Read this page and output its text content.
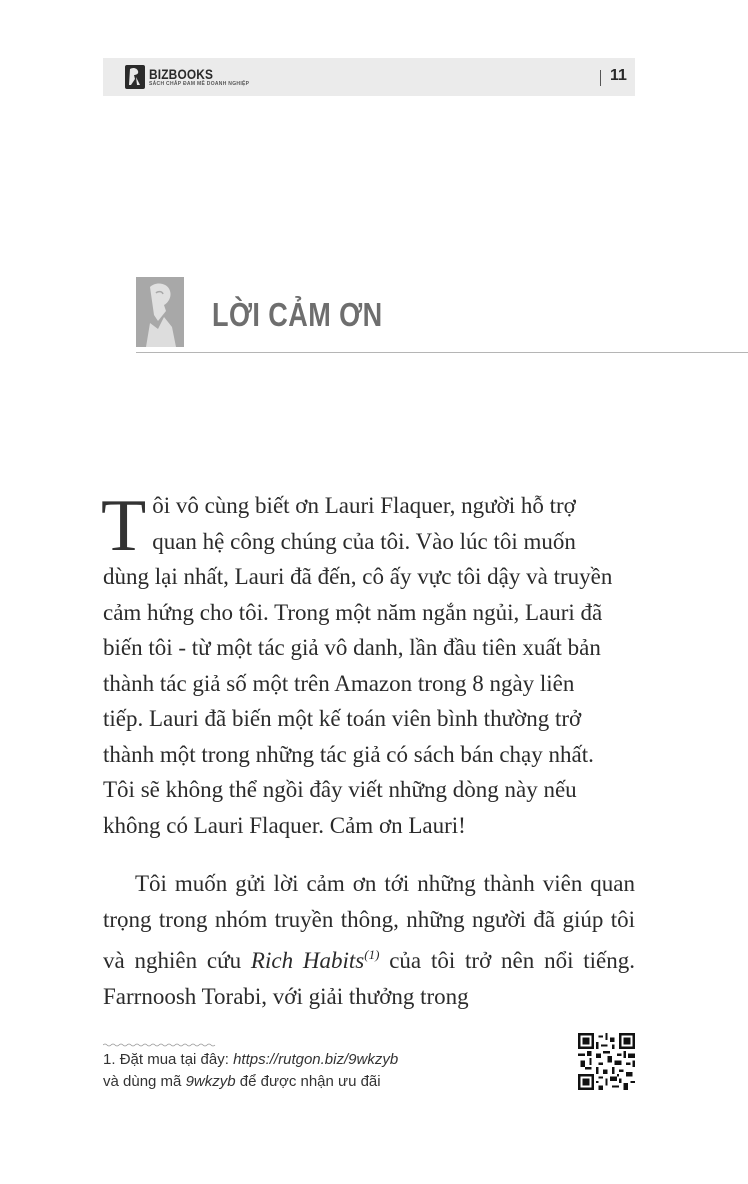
BIZBOOKS
SÁCH CHẮP ĐAM MÊ DOANH NGHIỆP	11
LỜI CẢM ƠN
T ôi vô cùng biết ơn Lauri Flaquer, người hỗ trợ
quan hệ công chúng của tôi. Vào lúc tôi muốn
dùng lại nhất, Lauri đã đến, cô ấy vực tôi dậy và truyền
cảm hứng cho tôi. Trong một năm ngắn ngủi, Lauri đã
biến tôi - từ một tác giả vô danh, lần đầu tiên xuất bản
thành tác giả số một trên Amazon trong 8 ngày liên
tiếp. Lauri đã biến một kế toán viên bình thường trở
thành một trong những tác giả có sách bán chạy nhất.
Tôi sẽ không thể ngồi đây viết những dòng này nếu
không có Lauri Flaquer. Cảm ơn Lauri!

Tôi muốn gửi lời cảm ơn tới những thành viên quan trọng trong nhóm truyền thông, những người đã giúp tôi và nghiên cứu Rich Habits$^{(1)}$ của tôi trở nên nổi tiếng. Farrnoosh Torabi, với giải thưởng trong

1. Đặt mua tại đây: https://rutgon.biz/9wkzyb
và dùng mã 9wkzyb để được nhận ưu đãi
